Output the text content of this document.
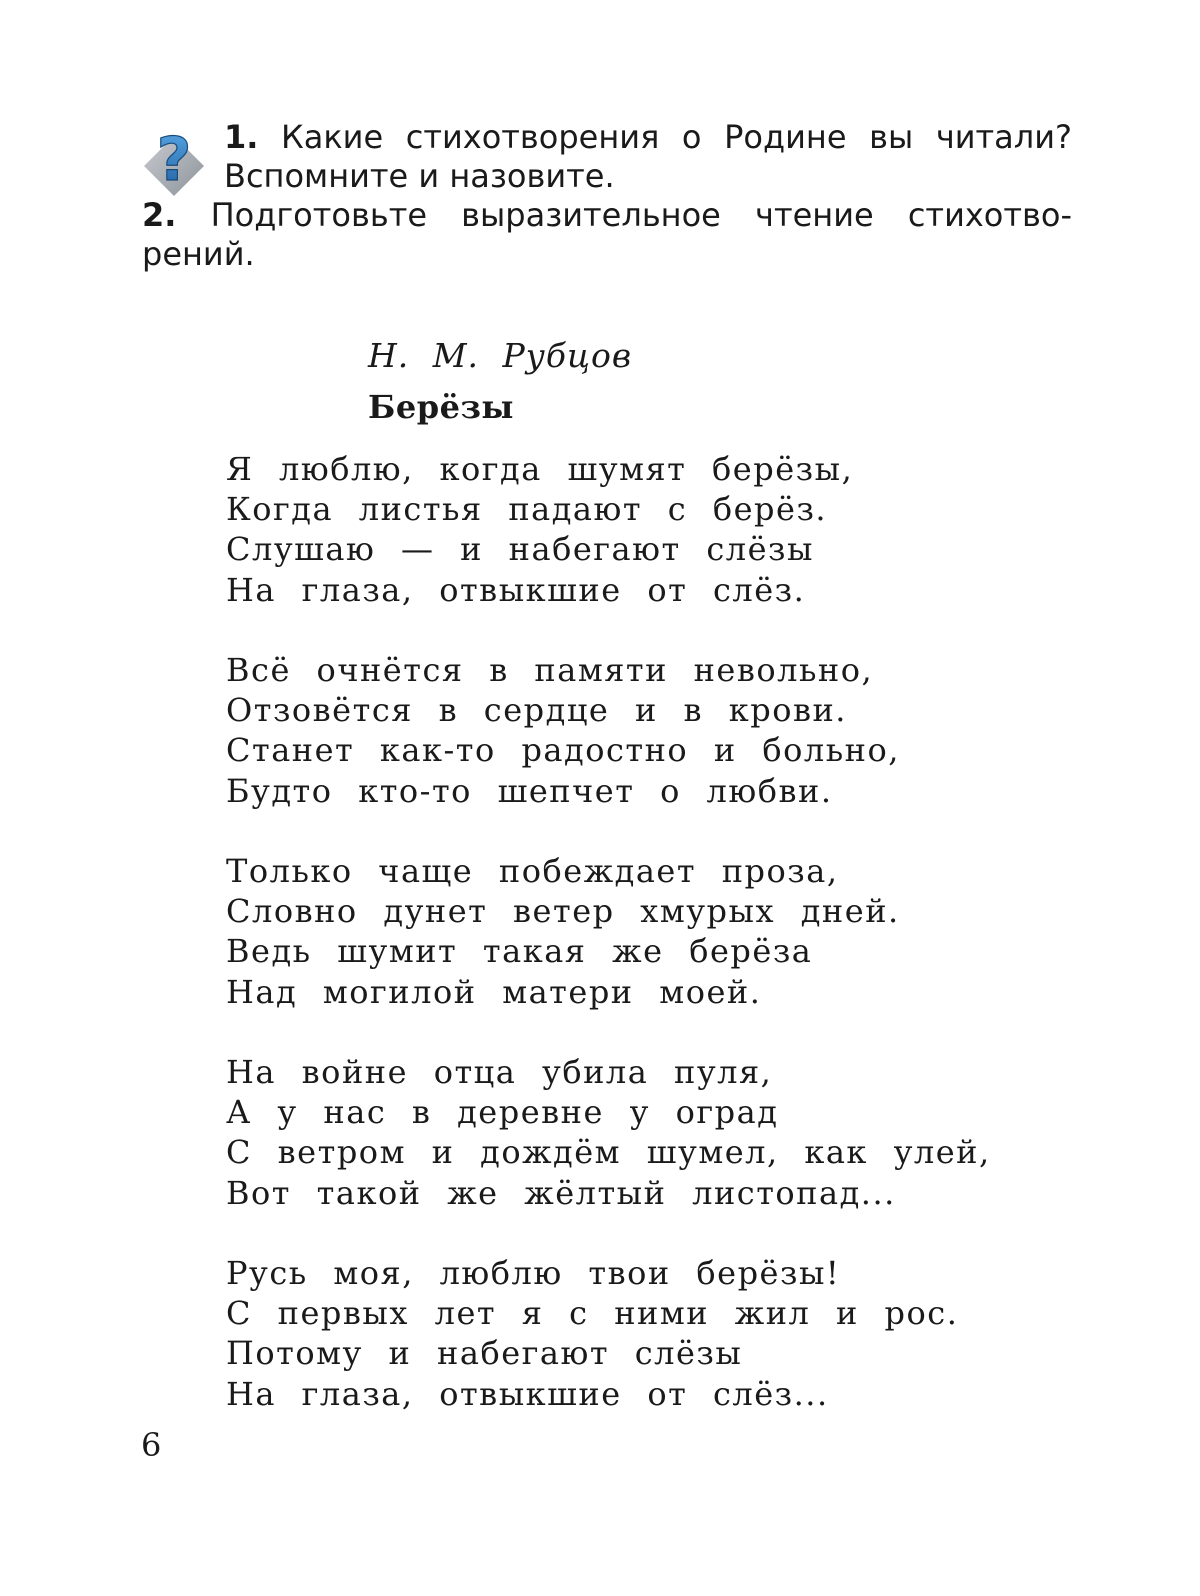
? 1. Какие стихотворения о Родине вы читали?
Вспомните и назовите.
2. Подготовьте выразительное чтение стихотво-
рений.
Н. М. Рубцов
Берёзы
Я люблю, когда шумят берёзы,
Когда листья падают с берёз.
Слушаю — и набегают слёзы
На глаза, отвыкшие от слёз.
Всё очнётся в памяти невольно,
Отзовётся в сердце и в крови.
Станет как-то радостно и больно,
Будто кто-то шепчет о любви.
Только чаще побеждает проза,
Словно дунет ветер хмурых дней.
Ведь шумит такая же берёза
Над могилой матери моей.
На войне отца убила пуля,
А у нас в деревне у оград
С ветром и дождём шумел, как улей,
Вот такой же жёлтый листопад...
Русь моя, люблю твои берёзы!
С первых лет я с ними жил и рос.
Потому и набегают слёзы
На глаза, отвыкшие от слёз...
6
